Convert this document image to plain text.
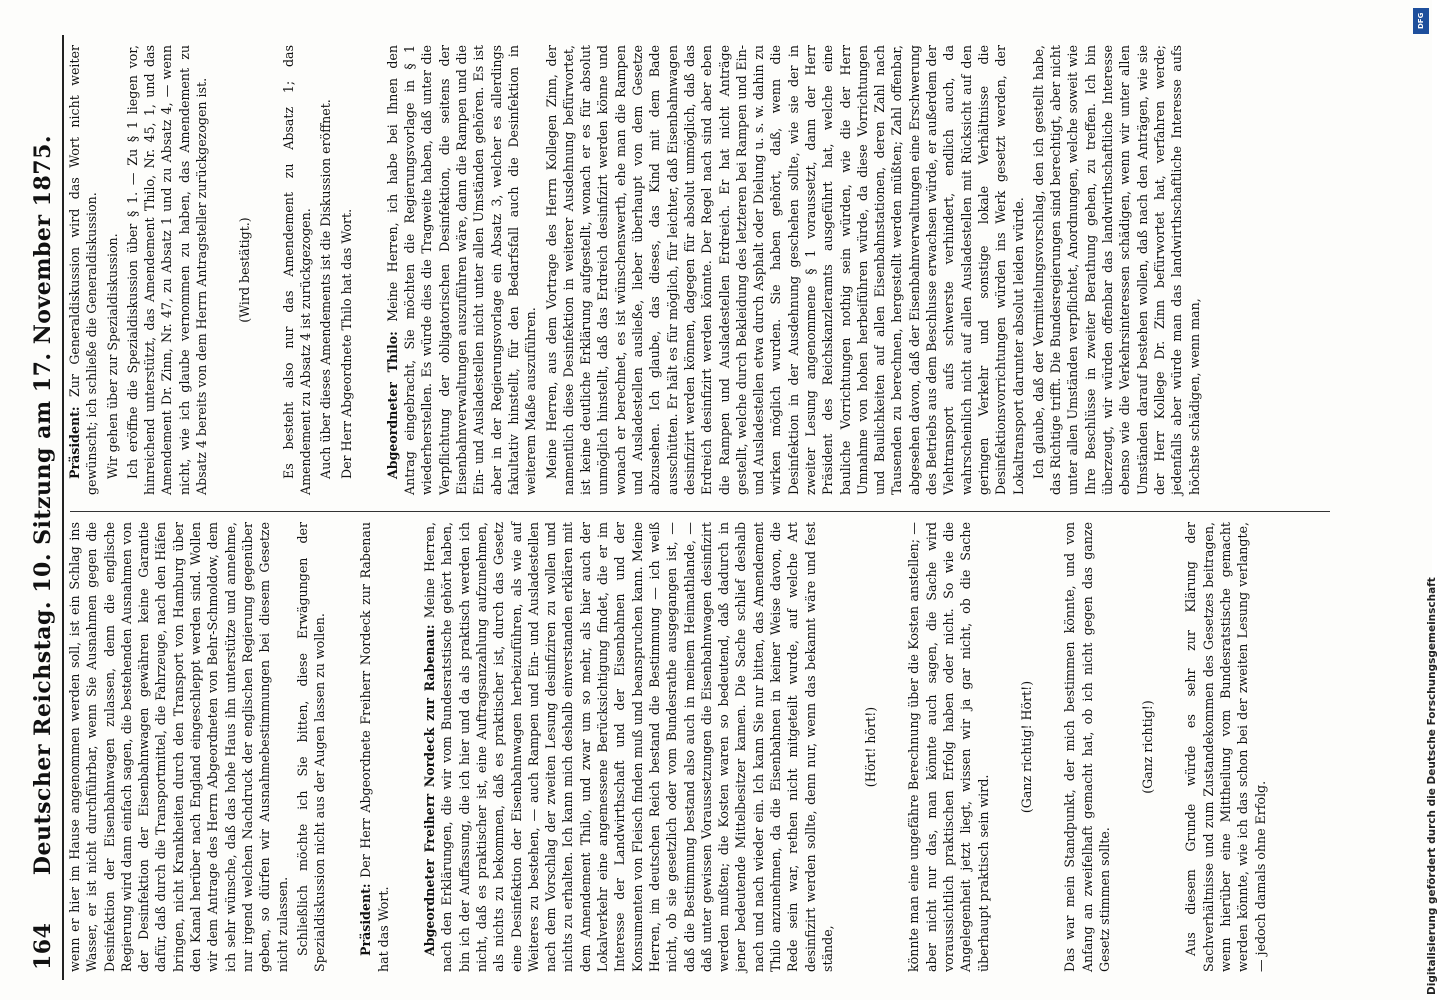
164
Deutscher Reichstag. 10. Sitzung am 17. November 1875. wenn er hier im Hause angenommen werden soll, ist ein Schlag ins Wasser, er ist nicht durchführbar, wenn Sie Ausnahmen gegen die Desinfektion der Eisenbahnwagen zulassen, denn die englische Regierung wird dann einfach sagen, die bestehenden Ausnahmen von der Desinfektion der Eisenbahnwagen gewähren keine Garantie dafür, daß durch die Transportmittel, die Fahrzeuge, nach den Häfen bringen, nicht Krankheiten durch den Transport von Hamburg über den Kanal herüber nach England eingeschleppt werden sind. Wollen wir dem Antrage des Herrn Abgeordneten von Behr-Schmoldow, dem ich sehr wünsche, daß das hohe Haus ihn unterstütze und annehme, nur irgend welchen Nachdruck der englischen Regierung gegenüber geben, so dürfen wir Ausnahmebestimmungen bei diesem Gesetze nicht zulassen. Schließlich möchte ich Sie bitten, diese Erwägungen der Spezialdiskussion nicht aus der Augen lassen zu wollen. Präsident: Der Herr Abgeordnete Freiherr Nordeck zur Rabenau hat das Wort. Abgeordneter Freiherr Nordeck zur Rabenau: Meine Herren, nach den Erklärungen, die wir vom Bundesratstische gehört haben, bin ich der Auffassung, die ich hier und da als praktisch werden ich nicht, daß es praktischer ist, eine Auftragsanzahlung aufzunehmen, als nichts zu bekommen, daß es praktischer ist, durch das Gesetz eine Desinfektion der Eisenbahnwagen herbeizuführen, als wie auf Weiteres zu bestehen, — auch Rampen und Ein- und Ausladestellen nach dem Vorschlag der zweiten Lesung desinfiziren zu wollen und nichts zu erhalten. Ich kann mich deshalb einverstanden erklären mit dem Amendement Thilo, und zwar um so mehr, als hier auch der Lokalverkehr eine angemessene Berücksichtigung findet, die er im Interesse der Landwirthschaft und der Eisenbahnen und der Konsumenten von Fleisch finden muß und beanspruchen kann. Meine Herren, im deutschen Reich bestand die Bestimmung — ich weiß nicht, ob sie gesetzlich oder vom Bundesrathe ausgegangen ist, — daß die Bestimmung bestand also auch in meinem Heimathlande, — daß unter gewissen Voraussetzungen die Eisenbahnwagen desinfizirt werden mußten; die Kosten waren so bedeutend, daß dadurch in jener bedeutende Mittelbesitzer kamen. Die Sache schlief deshalb nach und nach wieder ein. Ich kann Sie nur bitten, das Amendement Thilo anzunehmen, da die Eisenbahnen in keiner Weise davon, die Rede sein war, rethen nicht mitgeteilt wurde, auf welche Art desinfizirt werden sollte, denn nur, wenn das bekannt wäre und fest stände,

(Hört! hört!) könnte man eine ungefähre Berechnung über die Kosten anstellen; — aber nicht nur das, man könnte auch sagen, die Sache wird voraussichtlich praktischen Erfolg haben oder nicht. So wie die Angelegenheit jetzt liegt, wissen wir ja gar nicht, ob die Sache überhaupt praktisch sein wird.

(Ganz richtig! Hört!) Das war mein Standpunkt, der mich bestimmen könnte, und von Anfang an zweifelhaft gemacht hat, ob ich nicht gegen das ganze Gesetz stimmen sollte.

(Ganz richtig!) Aus diesem Grunde würde es sehr zur Klärung der Sachverhältnisse und zum Zustandekommen des Gesetzes beitragen, wenn hierüber eine Mittheilung vom Bundesratstische gemacht werden könnte, wie ich das schon bei der zweiten Lesung verlangte, — jedoch damals ohne Erfolg.

Präsident: Zur Generaldiskussion wird das Wort nicht weiter gewünscht; ich schließe die Generaldiskussion. Wir gehen über zur Spezialdiskussion. Ich eröffne die Spezialdiskussion über § 1. — Zu § 1 liegen vor, hinreichend unterstützt, das Amendement Thilo, Nr. 45, 1, und das Amendement Dr. Zinn, Nr. 47, zu Absatz 1 und zu Absatz 4, — wenn nicht, wie ich glaube vernommen zu haben, das Amendement zu Absatz 4 bereits von dem Herrn Antragsteller zurückgezogen ist. (Wird bestätigt.) Es besteht also nur das Amendement zu Absatz 1; das Amendement zu Absatz 4 ist zurückgezogen. Auch über dieses Amendements ist die Diskussion eröffnet. Der Herr Abgeordnete Thilo hat das Wort. Abgeordneter Thilo: Meine Herren, ich habe bei Ihnen den Antrag eingebracht, Sie möchten die Regierungsvorlage in § 1 wiederherstellen. Es würde dies die Tragweite haben, daß unter die Verpflichtung der obligatorischen Desinfektion, die seitens der Eisenbahnverwaltungen auszuführen wäre, dann die Rampen und die Ein- und Ausladestellen nicht unter allen Umständen gehören. Es ist aber in der Regierungsvorlage ein Absatz 3, welcher es allerdings fakultativ hinstellt, für den Bedarfsfall auch die Desinfektion in weiterem Maße auszuführen. Meine Herren, aus dem Vortrage des Herrn Kollegen Zinn, der namentlich diese Desinfektion in weiterer Ausdehnung befürwortet, ist keine deutliche Erklärung aufgestellt, wonach er es für absolut unmöglich hinstellt, daß das Erdreich desinfizirt werden könne und wonach er berechnet, es ist wünschenswerth, ehe man die Rampen und Ausladestellen ausließe, lieber überhaupt von dem Gesetze abzusehen. Ich glaube, das dieses, das Kind mit dem Bade ausschütten. Er hält es für möglich, für leichter, daß Eisenbahnwagen desinfizirt werden können, dagegen für absolut unmöglich, daß das Erdreich desinfizirt werden könnte. Der Regel nach sind aber eben die Rampen und Ausladestellen Erdreich. Er hat nicht Anträge gestellt, welche durch Bekleidung des letzteren bei Rampen und Ein- und Ausladestellen etwa durch Asphalt oder Dielung u. s. w. dahin zu wirken möglich wurden. Sie haben gehört, daß, wenn die Desinfektion in der Ausdehnung geschehen sollte, wie sie der in zweiter Lesung angenommene § 1 voraussetzt, dann der Herr Präsident des Reichskanzleramts ausgeführt hat, welche eine bauliche Vorrichtungen nothig sein würden, wie die der Herr Umnahme von hohen herbeiführen würde, da diese Vorrichtungen und Baulichkeiten auf allen Eisenbahnstationen, deren Zahl nach Tausenden zu berechnen, hergestellt werden müßten; Zahl offenbar, abgesehen davon, daß der Eisenbahnverwaltungen eine Erschwerung des Betriebs aus dem Beschlusse erwachsen würde, er außerdem der Viehtransport aufs schwerste verhindert, endlich auch, da wahrscheinlich nicht auf allen Ausladestellen mit Rücksicht auf den geringen Verkehr und sonstige lokale Verhältnisse die Desinfektionsvorrichtungen würden ins Werk gesetzt werden, der Lokaltransport darunter absolut leiden würde. Ich glaube, daß der Vermittelungsvorschlag, den ich gestellt habe, das Richtige trifft. Die Bundesregierungen sind berechtigt, aber nicht unter allen Umständen verpflichtet, Anordnungen, welche soweit wie Ihre Beschlüsse in zweiter Berathung gehen, zu treffen. Ich bin überzeugt, wir würden offenbar das landwirthschaftliche Interesse ebenso wie die Verkehrsinteressen schädigen, wenn wir unter allen Umständen darauf bestehen wollen, daß nach den Anträgen, wie sie der Herr Kollege Dr. Zinn befürwortet hat, verfahren werde; jedenfalls aber würde man das landwirthschaftliche Interesse aufs höchste schädigen, wenn man,

Digitalisierung gefördert durch die Deutsche Forschungsgemeinschaft
DFG
